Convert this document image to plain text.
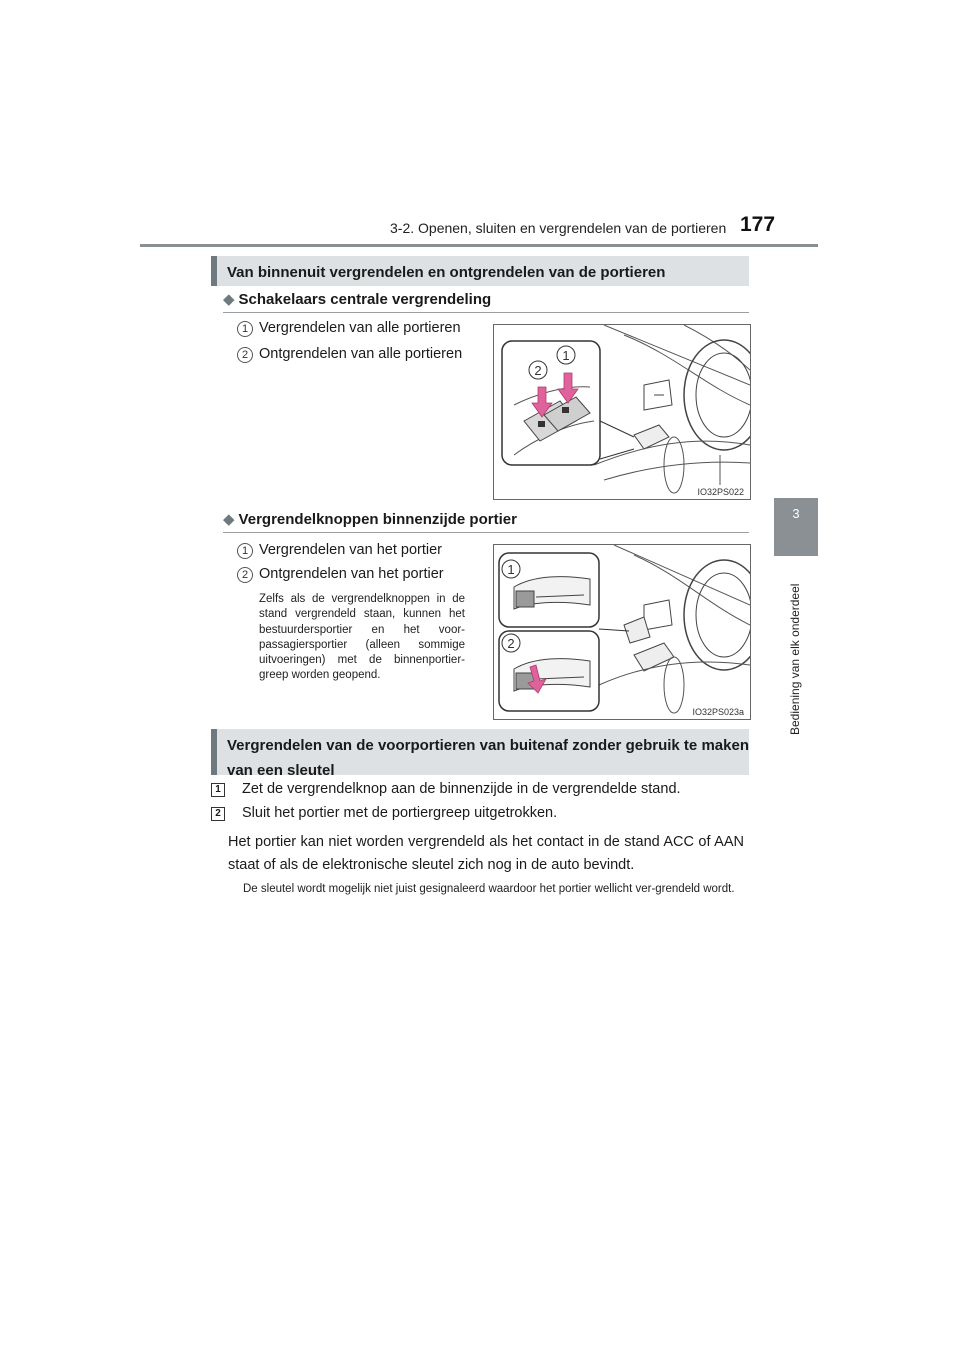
3-2. Openen, sluiten en vergrendelen van de portieren 177
3
Bediening van elk onderdeel
Van binnenuit vergrendelen en ontgrendelen van de portieren
◆ Schakelaars centrale vergrendeling
1 Vergrendelen van alle portieren
2 Ontgrendelen van alle portieren
2
1
IO32PS022
◆ Vergrendelknoppen binnenzijde portier
1 Vergrendelen van het portier
2 Ontgrendelen van het portier
Zelfs als de vergrendelknoppen in de stand vergrendeld staan, kunnen het bestuurdersportier en het voor-passagiersportier (alleen sommige uitvoeringen) met de binnenportier-greep worden geopend.
1
2
IO32PS023a
Vergrendelen van de voorportieren van buitenaf zonder gebruik te maken van een sleutel
1 Zet de vergrendelknop aan de binnenzijde in de vergrendelde stand.
2 Sluit het portier met de portiergreep uitgetrokken.
Het portier kan niet worden vergrendeld als het contact in de stand ACC of AAN staat of als de elektronische sleutel zich nog in de auto bevindt.
De sleutel wordt mogelijk niet juist gesignaleerd waardoor het portier wellicht ver-grendeld wordt.
